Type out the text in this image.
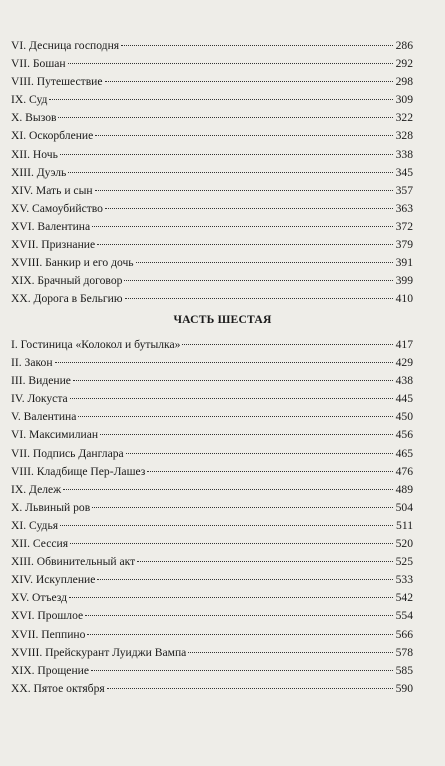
VI. Десница господня	286
VII. Бошан	292
VIII. Путешествие	298
IX. Суд	309
X. Вызов	322
XI. Оскорбление	328
XII. Ночь	338
XIII. Дуэль	345
XIV. Мать и сын	357
XV. Самоубийство	363
XVI. Валентина	372
XVII. Признание	379
XVIII. Банкир и его дочь	391
XIX. Брачный договор	399
XX. Дорога в Бельгию	410
ЧАСТЬ ШЕСТАЯ
I. Гостиница «Колокол и бутылка»	417
II. Закон	429
III. Видение	438
IV. Локуста	445
V. Валентина	450
VI. Максимилиан	456
VII. Подпись Данглара	465
VIII. Кладбище Пер-Лашез	476
IX. Дележ	489
X. Львиный ров	504
XI. Судья	511
XII. Сессия	520
XIII. Обвинительный акт	525
XIV. Искупление	533
XV. Отъезд	542
XVI. Прошлое	554
XVII. Пеппино	566
XVIII. Прейскурант Луиджи Вампа	578
XIX. Прощение	585
XX. Пятое октября	590
